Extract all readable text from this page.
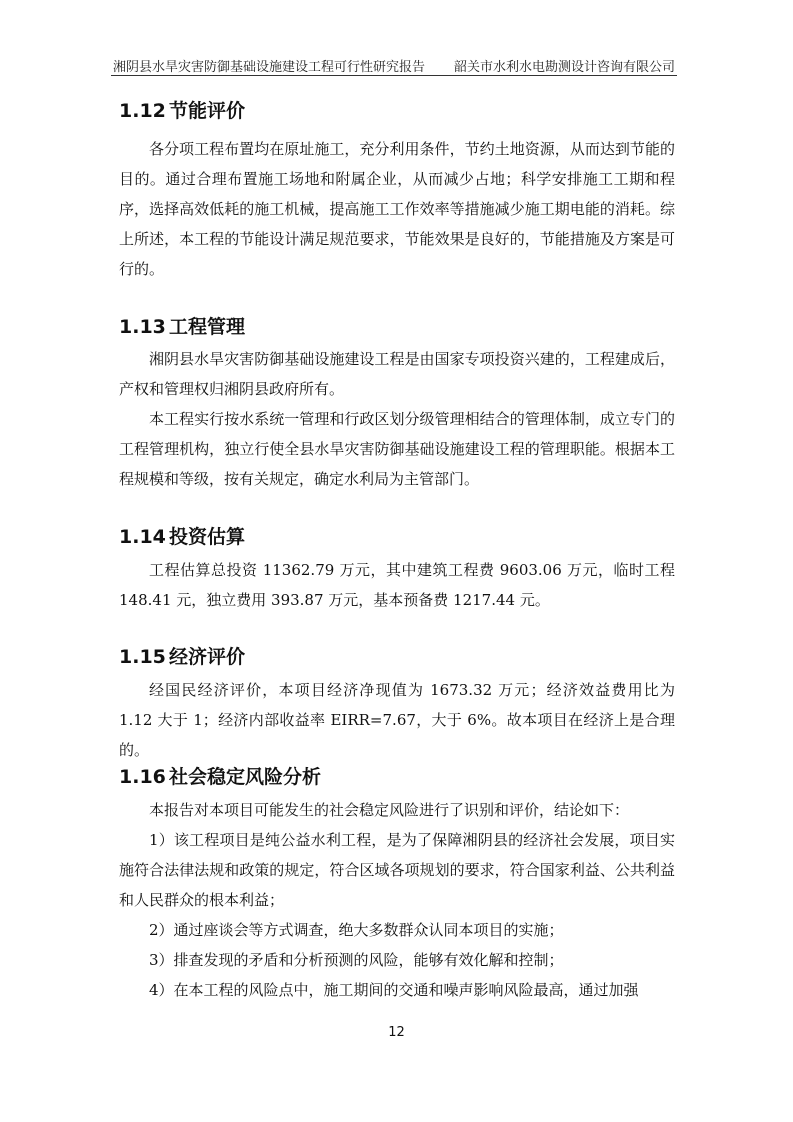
湘阴县水旱灾害防御基础设施建设工程可行性研究报告 韶关市水利水电勘测设计咨询有限公司
1.12 节能评价

各分项工程布置均在原址施工，充分利用条件，节约土地资源，从而达到节能的目的。通过合理布置施工场地和附属企业，从而减少占地；科学安排施工工期和程序，选择高效低耗的施工机械，提高施工工作效率等措施减少施工期电能的消耗。综上所述，本工程的节能设计满足规范要求，节能效果是良好的，节能措施及方案是可行的。

1.13 工程管理

湘阴县水旱灾害防御基础设施建设工程是由国家专项投资兴建的，工程建成后，产权和管理权归湘阴县政府所有。

本工程实行按水系统一管理和行政区划分级管理相结合的管理体制，成立专门的工程管理机构，独立行使全县水旱灾害防御基础设施建设工程的管理职能。根据本工程规模和等级，按有关规定，确定水利局为主管部门。

1.14 投资估算

工程估算总投资 11362.79 万元，其中建筑工程费 9603.06 万元，临时工程148.41 元，独立费用 393.87 万元，基本预备费 1217.44 元。

1.15 经济评价

经国民经济评价，本项目经济净现值为 1673.32 万元；经济效益费用比为 1.12 大于 1；经济内部收益率 EIRR=7.67，大于 6%。故本项目在经济上是合理的。

1.16 社会稳定风险分析

本报告对本项目可能发生的社会稳定风险进行了识别和评价，结论如下：

1）该工程项目是纯公益水利工程，是为了保障湘阴县的经济社会发展，项目实施符合法律法规和政策的规定，符合区域各项规划的要求，符合国家利益、公共利益和人民群众的根本利益；

2）通过座谈会等方式调查，绝大多数群众认同本项目的实施；

3）排查发现的矛盾和分析预测的风险，能够有效化解和控制；

4）在本工程的风险点中，施工期间的交通和噪声影响风险最高，通过加强

12
